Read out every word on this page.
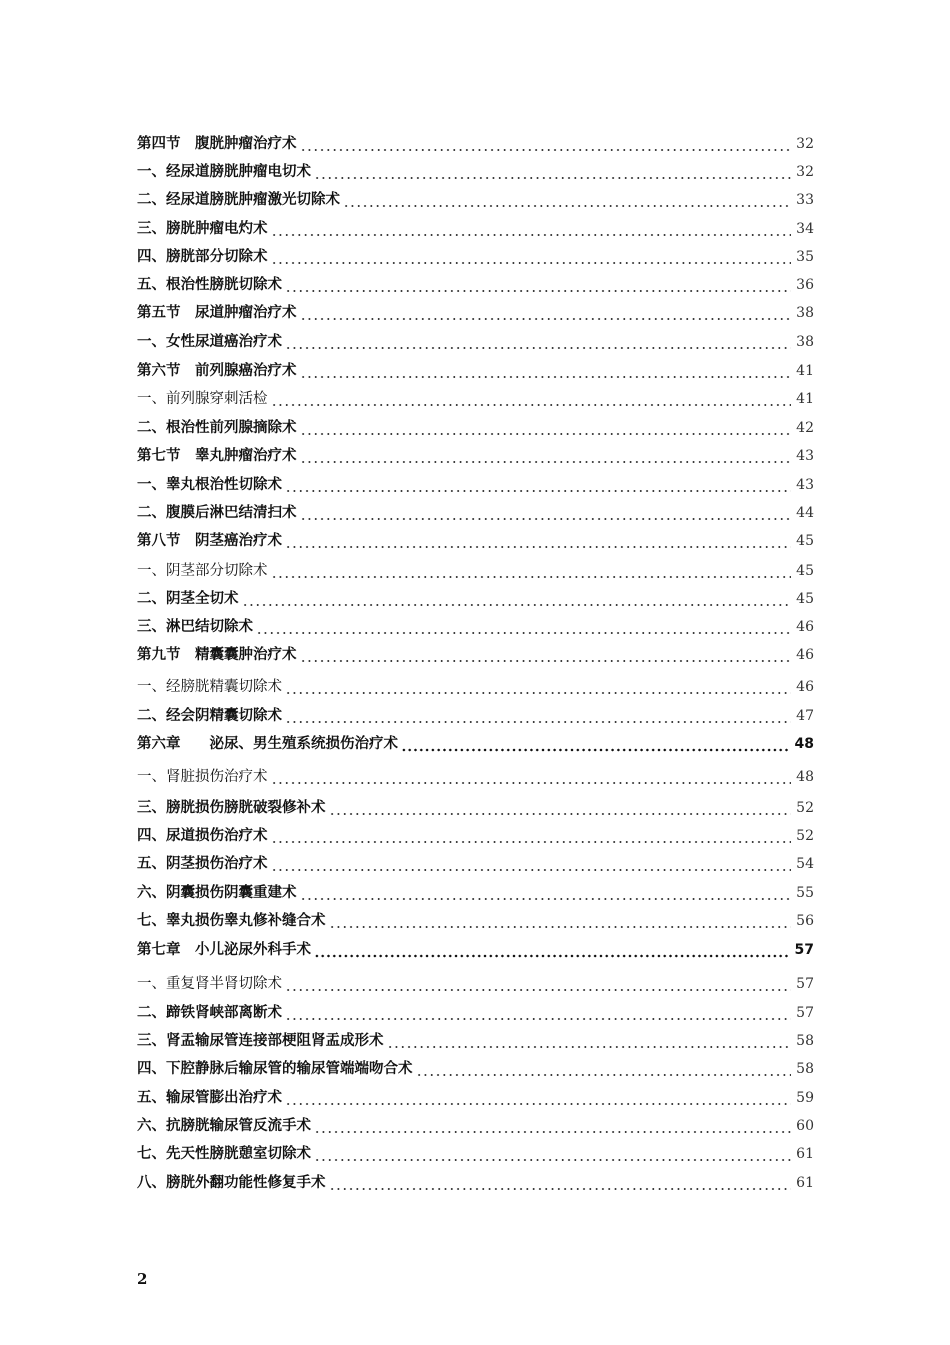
第四节　腹胱肿瘤治疗术	32
一、经尿道膀胱肿瘤电切术	32
二、经尿道膀胱肿瘤激光切除术	33
三、膀胱肿瘤电灼术	34
四、膀胱部分切除术	35
五、根治性膀胱切除术	36
第五节　尿道肿瘤治疗术	38
一、女性尿道癌治疗术	38
第六节　前列腺癌治疗术	41
一、前列腺穿刺活检	41
二、根治性前列腺摘除术	42
第七节　睾丸肿瘤治疗术	43
一、睾丸根治性切除术	43
二、腹膜后淋巴结清扫术	44
第八节　阴茎癌治疗术	45
一、阴茎部分切除术	45
二、阴茎全切术	45
三、淋巴结切除术	46
第九节　精囊囊肿治疗术	46
一、经膀胱精囊切除术	46
二、经会阴精囊切除术	47
第六章　　泌尿、男生殖系统损伤治疗术	48
一、肾脏损伤治疗术	48
三、膀胱损伤膀胱破裂修补术	52
四、尿道损伤治疗术	52
五、阴茎损伤治疗术	54
六、阴囊损伤阴囊重建术	55
七、睾丸损伤睾丸修补缝合术	56
第七章　小儿泌尿外科手术	57
一、重复肾半肾切除术	57
二、蹄铁肾峡部离断术	57
三、肾盂输尿管连接部梗阻肾盂成形术	58
四、下腔静脉后输尿管的输尿管端端吻合术	58
五、输尿管膨出治疗术	59
六、抗膀胱输尿管反流手术	60
七、先天性膀胱憩室切除术	61
八、膀胱外翻功能性修复手术	61
2
